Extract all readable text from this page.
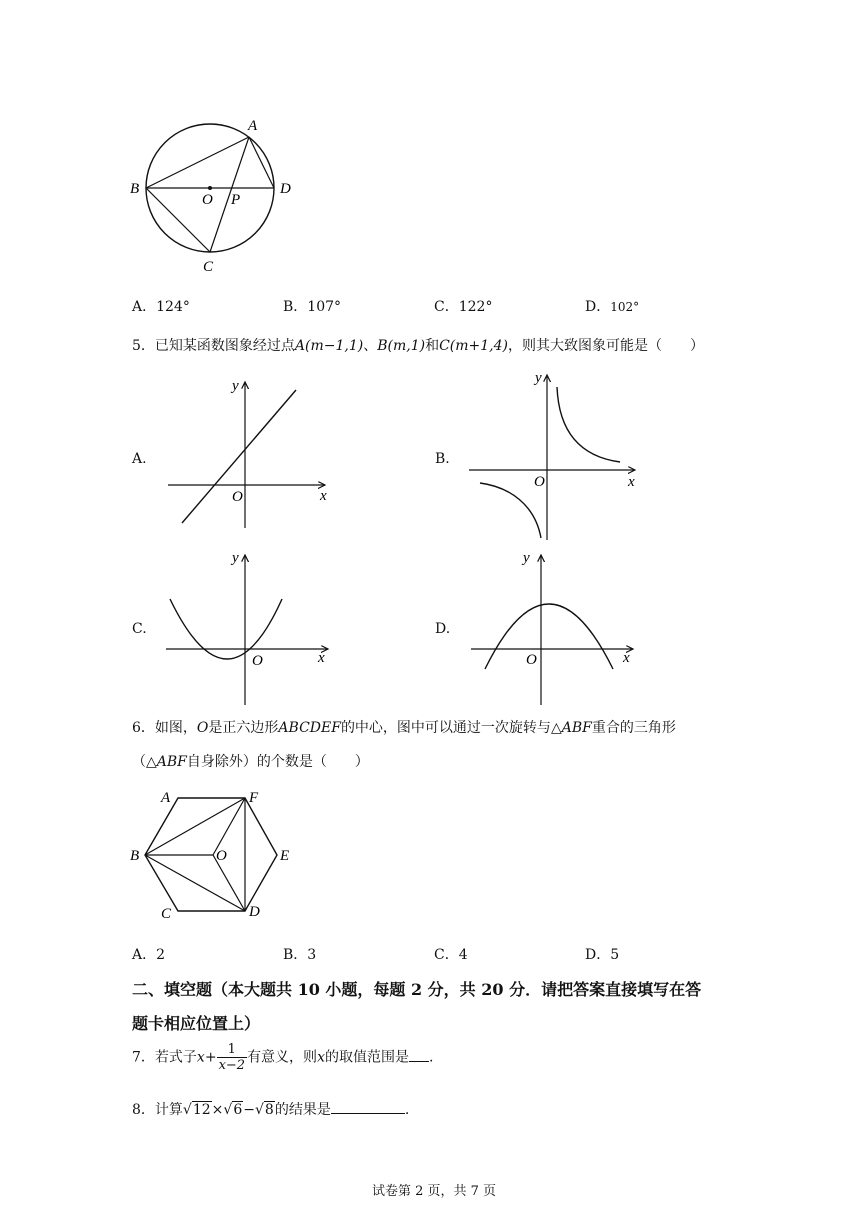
A
B
C
D
O P
A．124°	B．107°	C．122°	D．102°
5．已知某函数图象经过点A(m−1,1)、B(m,1)和C(m+1,4)，则其大致图象可能是（　　）
A.	B.
C.	D.
y
x
O
y
x
O
y
x
O
y
x
O
6．如图，O是正六边形ABCDEF的中心，图中可以通过一次旋转与△ABF重合的三角形
（△ABF自身除外）的个数是（　　）
A	F
B	E
O
C	D
A．2	B．3	C．4	D．5
二、填空题（本大题共 10 小题，每题 2 分，共 20 分．请把答案直接填写在答
题卡相应位置上）
7．若式子$x+ \frac{1}{x-2}$ 有意义，则x的取值范围是 .
8．计算√12×√6−√8的结果是	.
试卷第 2 页，共 7 页
